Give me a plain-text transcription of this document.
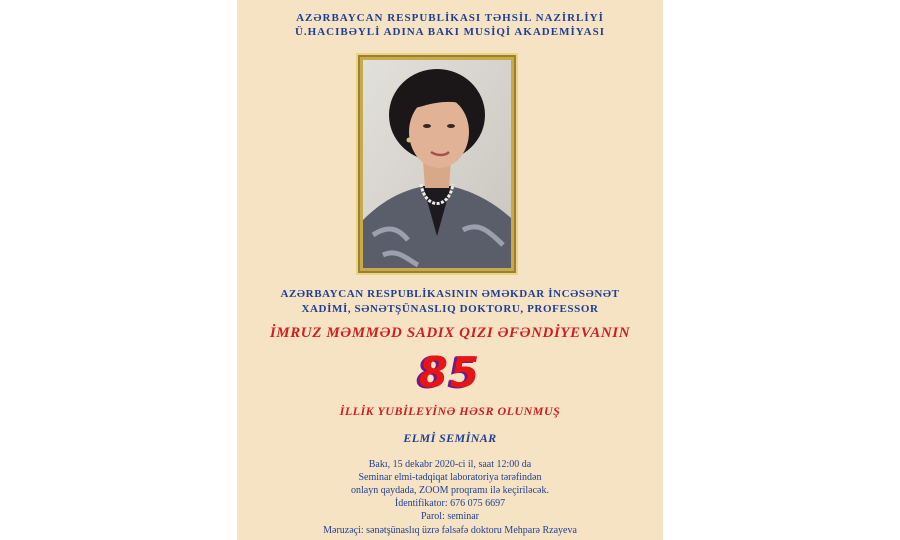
AZƏRBAYCAN RESPUBLİKASI TƏHSİL NAZİRLİYİ
Ü.HACIBƏYLİ ADINA BAKI MUSİQİ AKADEMİYASI
AZƏRBAYCAN RESPUBLİKASININ ƏMƏKDAR İNCƏSƏNƏT
XADİMİ, SƏNƏTŞÜNASLIQ DOKTORU, PROFESSOR
İMRUZ MƏMMƏD SADIX QIZI ƏFƏNDİYEVANIN
85
İLLİK YUBİLEYİNƏ HƏSR OLUNMUŞ
ELMİ SEMİNAR
Bakı, 15 dekabr 2020-ci il, saat 12:00 da
Seminar elmi-tədqiqat laboratoriya tərəfindən
onlayn qaydada, ZOOM proqramı ilə keçiriləcək.
İdentifikator: 676 075 6697
Parol: seminar
Məruzəçi: sənətşünaslıq üzrə fəlsəfə doktoru Mehparə Rzayeva
